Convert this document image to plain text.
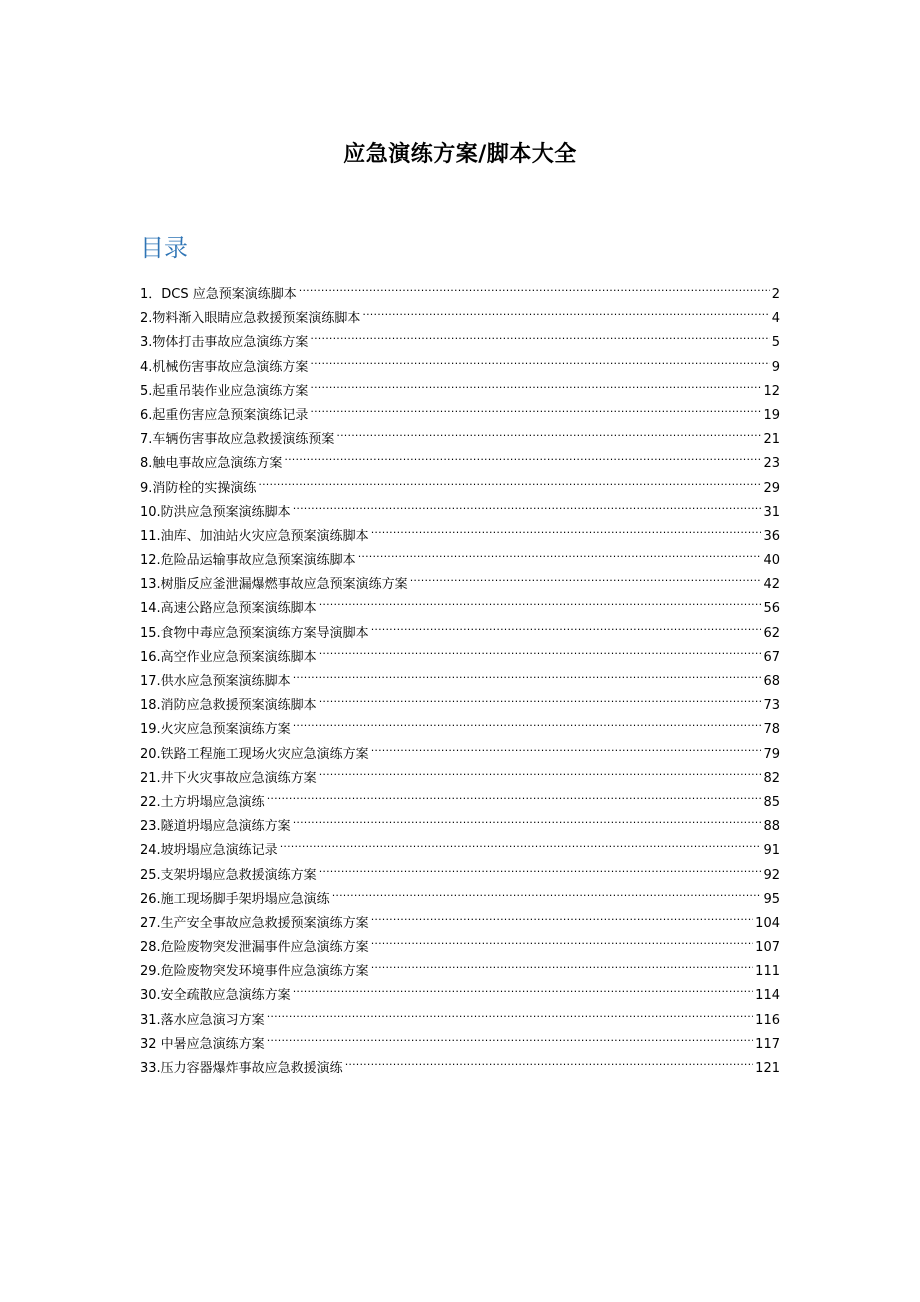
应急演练方案/脚本大全
目录
1．DCS 应急预案演练脚本 .....	2
2.物料渐入眼睛应急救援预案演练脚本 .....	4
3.物体打击事故应急演练方案 .....	5
4.机械伤害事故应急演练方案 .....	9
5.起重吊装作业应急演练方案 .....	12
6.起重伤害应急预案演练记录 .....	19
7.车辆伤害事故应急救援演练预案 .....	21
8.触电事故应急演练方案 .....	23
9.消防栓的实操演练 .....	29
10.防洪应急预案演练脚本 .....	31
11.油库、加油站火灾应急预案演练脚本 .....	36
12.危险品运输事故应急预案演练脚本 .....	40
13.树脂反应釜泄漏爆燃事故应急预案演练方案 .....	42
14.高速公路应急预案演练脚本 .....	56
15.食物中毒应急预案演练方案导演脚本 .....	62
16.高空作业应急预案演练脚本 .....	67
17.供水应急预案演练脚本 .....	68
18.消防应急救援预案演练脚本 .....	73
19.火灾应急预案演练方案 .....	78
20.铁路工程施工现场火灾应急演练方案 .....	79
21.井下火灾事故应急演练方案 .....	82
22.土方坍塌应急演练 .....	85
23.隧道坍塌应急演练方案 .....	88
24.坡坍塌应急演练记录 .....	91
25.支架坍塌应急救援演练方案 .....	92
26.施工现场脚手架坍塌应急演练 .....	95
27.生产安全事故应急救援预案演练方案 .....	104
28.危险废物突发泄漏事件应急演练方案 .....	107
29.危险废物突发环境事件应急演练方案 .....	111
30.安全疏散应急演练方案 .....	114
31.落水应急演习方案 .....	116
32 中暑应急演练方案 .....	117
33.压力容器爆炸事故应急救援演练 .....	121
